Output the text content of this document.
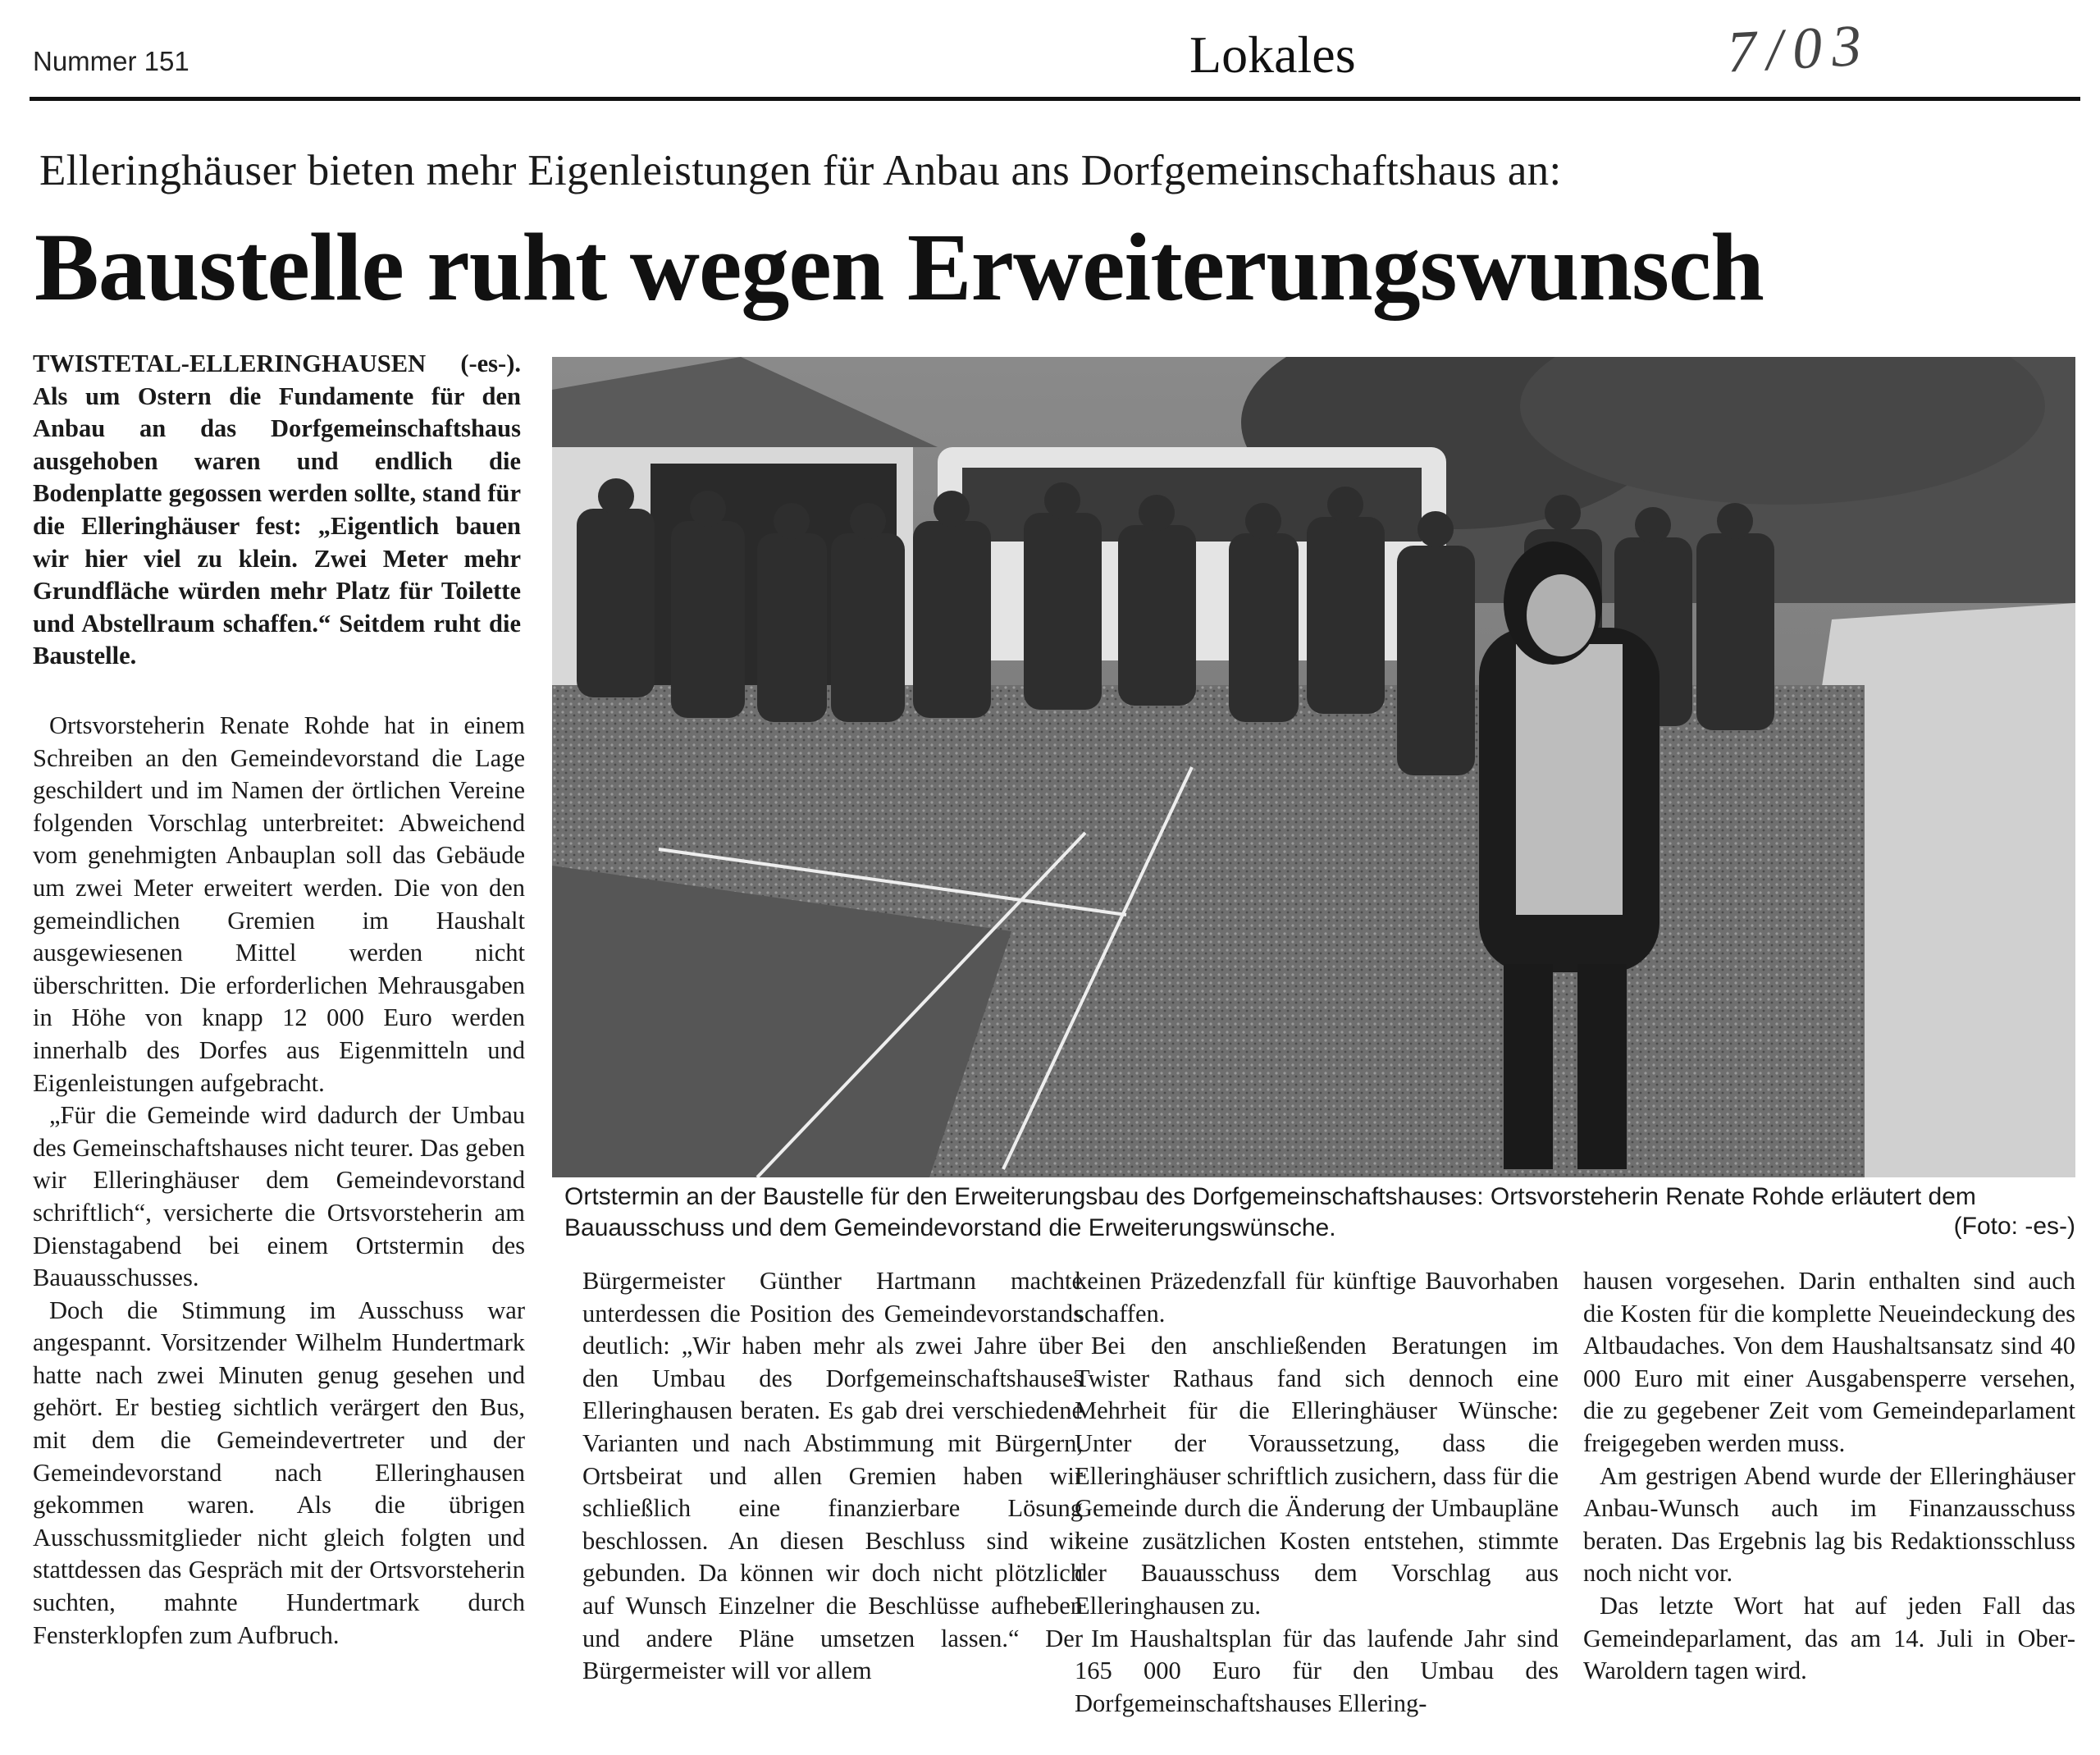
Nummer 151	Lokales	7/03
Elleringhäuser bieten mehr Eigenleistungen für Anbau ans Dorfgemeinschaftshaus an:
Baustelle ruht wegen Erweiterungswunsch

TWISTETAL-ELLERINGHAUSEN (-es-). Als um Ostern die Fundamente für den Anbau an das Dorfgemeinschaftshaus ausgehoben waren und endlich die Bodenplatte gegossen werden sollte, stand für die Elleringhäuser fest: „Eigentlich bauen wir hier viel zu klein. Zwei Meter mehr Grundfläche würden mehr Platz für Toilette und Abstellraum schaffen.“ Seitdem ruht die Baustelle.

Ortsvorsteherin Renate Rohde hat in einem Schreiben an den Gemeindevorstand die Lage geschildert und im Namen der örtlichen Vereine folgenden Vorschlag unterbreitet: Abweichend vom genehmigten Anbauplan soll das Gebäude um zwei Meter erweitert werden. Die von den gemeindlichen Gremien im Haushalt ausgewiesenen Mittel werden nicht überschritten. Die erforderlichen Mehrausgaben in Höhe von knapp 12 000 Euro werden innerhalb des Dorfes aus Eigenmitteln und Eigenleistungen aufgebracht.

„Für die Gemeinde wird dadurch der Umbau des Gemeinschaftshauses nicht teurer. Das geben wir Elleringhäuser dem Gemeindevorstand schriftlich“, versicherte die Ortsvorsteherin am Dienstagabend bei einem Ortstermin des Bauausschusses.

Doch die Stimmung im Ausschuss war angespannt. Vorsitzender Wilhelm Hundertmark hatte nach zwei Minuten genug gesehen und gehört. Er bestieg sichtlich verärgert den Bus, mit dem die Gemeindevertreter und der Gemeindevorstand nach Elleringhausen gekommen waren. Als die übrigen Ausschussmitglieder nicht gleich folgten und stattdessen das Gespräch mit der Ortsvorsteherin suchten, mahnte Hundertmark durch Fensterklopfen zum Aufbruch.

Ortstermin an der Baustelle für den Erweiterungsbau des Dorfgemeinschaftshauses: Ortsvorsteherin Renate Rohde erläutert dem Bauausschuss und dem Gemeindevorstand die Erweiterungswünsche.	(Foto: -es-)

Bürgermeister Günther Hartmann machte unterdessen die Position des Gemeindevorstands deutlich: „Wir haben mehr als zwei Jahre über den Umbau des Dorfgemeinschaftshauses Elleringhausen beraten. Es gab drei verschiedene Varianten und nach Abstimmung mit Bürgern, Ortsbeirat und allen Gremien haben wir schließlich eine finanzierbare Lösung beschlossen. An diesen Beschluss sind wir gebunden. Da können wir doch nicht plötzlich auf Wunsch Einzelner die Beschlüsse aufheben und andere Pläne umsetzen lassen.“ Der Bürgermeister will vor allem

keinen Präzedenzfall für künftige Bauvorhaben schaffen.

Bei den anschließenden Beratungen im Twister Rathaus fand sich dennoch eine Mehrheit für die Elleringhäuser Wünsche: Unter der Voraussetzung, dass die Elleringhäuser schriftlich zusichern, dass für die Gemeinde durch die Änderung der Umbaupläne keine zusätzlichen Kosten entstehen, stimmte der Bauausschuss dem Vorschlag aus Elleringhausen zu.

Im Haushaltsplan für das laufende Jahr sind 165 000 Euro für den Umbau des Dorfgemeinschaftshauses Ellering-

hausen vorgesehen. Darin enthalten sind auch die Kosten für die komplette Neueindeckung des Altbaudaches. Von dem Haushaltsansatz sind 40 000 Euro mit einer Ausgabensperre versehen, die zu gegebener Zeit vom Gemeindeparlament freigegeben werden muss.

Am gestrigen Abend wurde der Elleringhäuser Anbau-Wunsch auch im Finanzausschuss beraten. Das Ergebnis lag bis Redaktionsschluss noch nicht vor.

Das letzte Wort hat auf jeden Fall das Gemeindeparlament, das am 14. Juli in Ober-Waroldern tagen wird.
